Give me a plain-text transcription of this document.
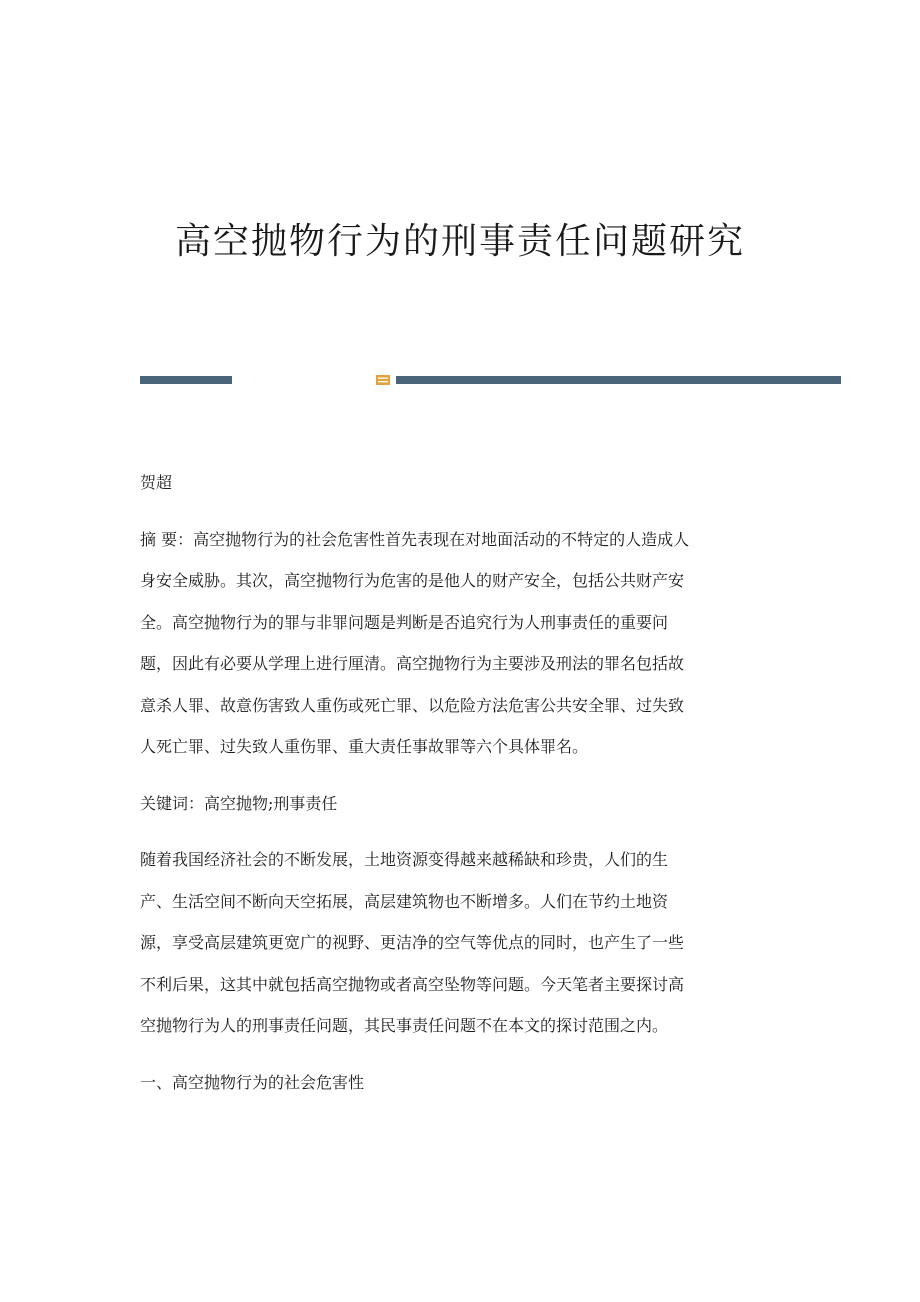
高空抛物行为的刑事责任问题研究

贺超

摘 要：高空抛物行为的社会危害性首先表现在对地面活动的不特定的人造成人

身安全威胁。其次，高空抛物行为危害的是他人的财产安全，包括公共财产安

全。高空抛物行为的罪与非罪问题是判断是否追究行为人刑事责任的重要问

题，因此有必要从学理上进行厘清。高空抛物行为主要涉及刑法的罪名包括故

意杀人罪、故意伤害致人重伤或死亡罪、以危险方法危害公共安全罪、过失致

人死亡罪、过失致人重伤罪、重大责任事故罪等六个具体罪名。

关键词：高空抛物;刑事责任

随着我国经济社会的不断发展，土地资源变得越来越稀缺和珍贵，人们的生

产、生活空间不断向天空拓展，高层建筑物也不断增多。人们在节约土地资

源，享受高层建筑更宽广的视野、更洁净的空气等优点的同时，也产生了一些

不利后果，这其中就包括高空抛物或者高空坠物等问题。今天笔者主要探讨高

空抛物行为人的刑事责任问题，其民事责任问题不在本文的探讨范围之内。

一、高空抛物行为的社会危害性
